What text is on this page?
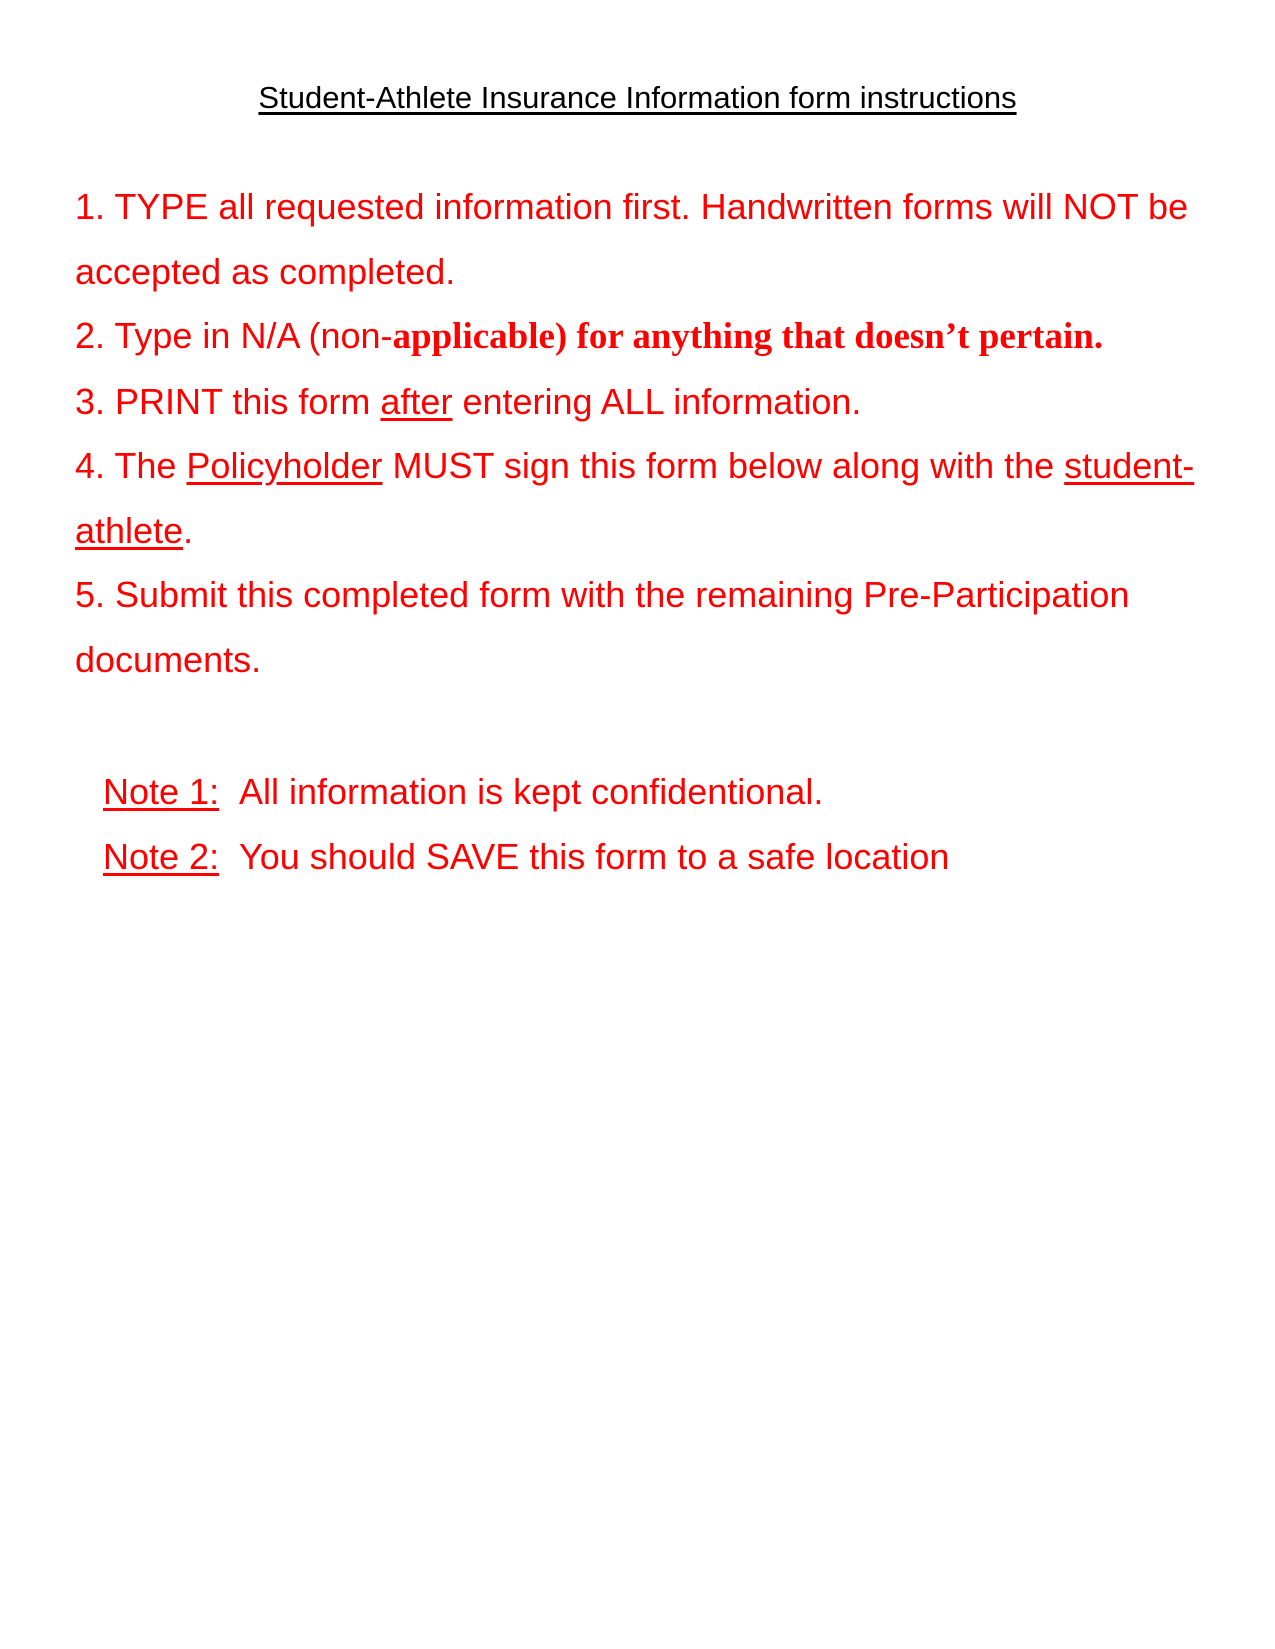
Student-Athlete Insurance Information form instructions

1. TYPE all requested information first. Handwritten forms will NOT be accepted as completed.

2. Type in N/A (non-applicable) for anything that doesn’t pertain.

3. PRINT this form after entering ALL information.

4. The Policyholder MUST sign this form below along with the student-athlete.

5. Submit this completed form with the remaining Pre-Participation documents.

Note 1: All information is kept confidentional.

Note 2: You should SAVE this form to a safe location
